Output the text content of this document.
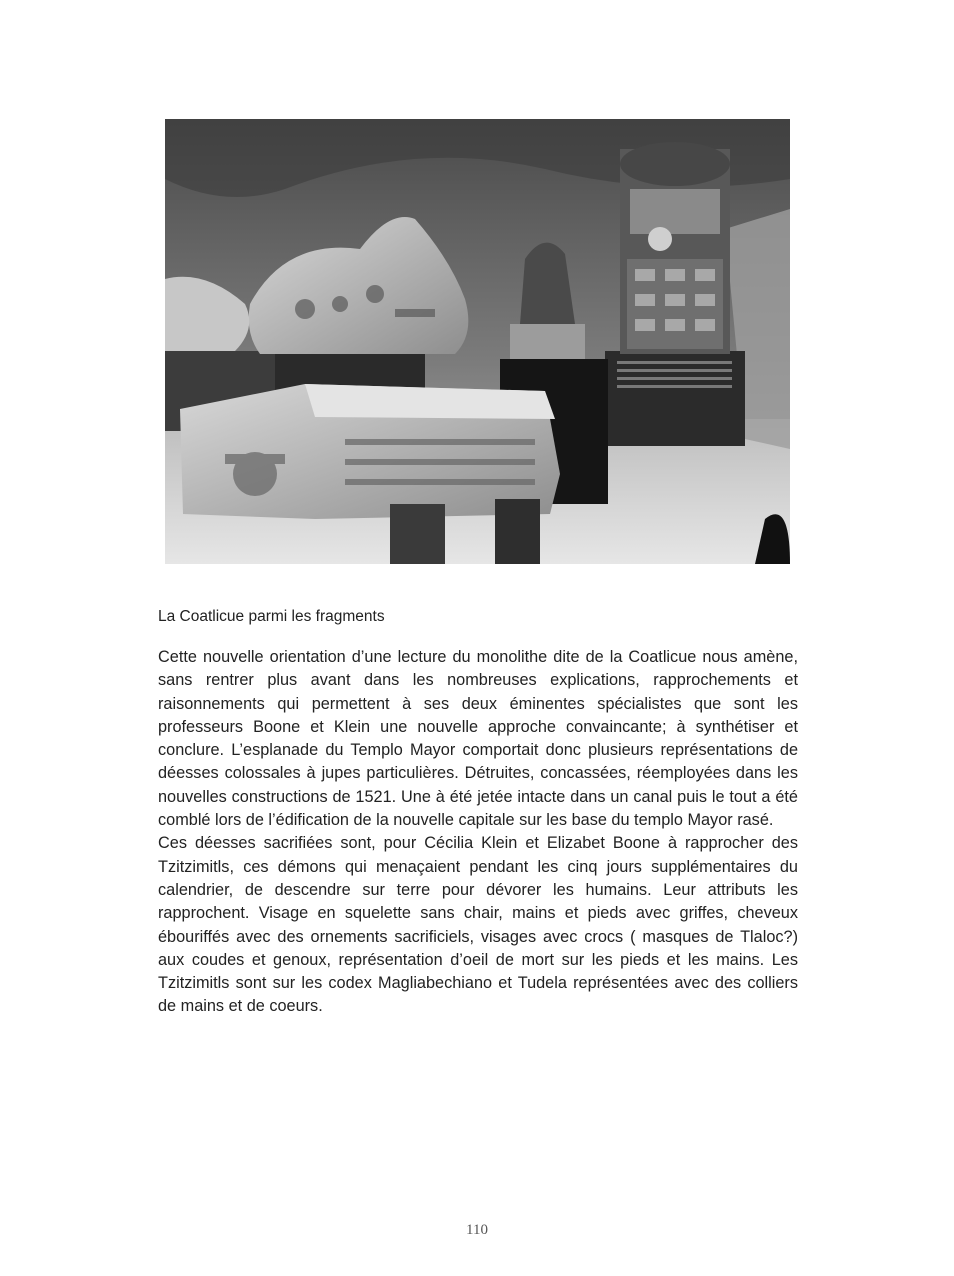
La Coatlicue parmi les fragments

Cette nouvelle orientation d’une lecture du monolithe dite de la Coatlicue nous amène, sans rentrer plus avant dans les nombreuses explications, rapprochements et raisonnements qui permettent à ses deux éminentes spécialistes que sont les professeurs Boone et Klein une nouvelle approche convaincante; à synthétiser et conclure. L’esplanade du Templo Mayor comportait donc plusieurs représentations de déesses colossales à jupes particulières. Détruites, concassées, réemployées dans les nouvelles constructions de 1521. Une à été jetée intacte dans un canal puis le tout a été comblé lors de l’édification de la nouvelle capitale sur les base du templo Mayor rasé.

Ces déesses sacrifiées sont, pour Cécilia Klein et Elizabet Boone à rapprocher des Tzitzimitls, ces démons qui menaçaient pendant les cinq jours supplémentaires du calendrier, de descendre sur terre pour dévorer les humains. Leur attributs les rapprochent. Visage en squelette sans chair, mains et pieds avec griffes, cheveux ébouriffés avec des ornements sacrificiels, visages avec crocs ( masques de Tlaloc?) aux coudes et genoux, représentation d’oeil de mort sur les pieds et les mains. Les Tzitzimitls sont sur les codex Magliabechiano et Tudela représentées avec des colliers de mains et de coeurs.

110
